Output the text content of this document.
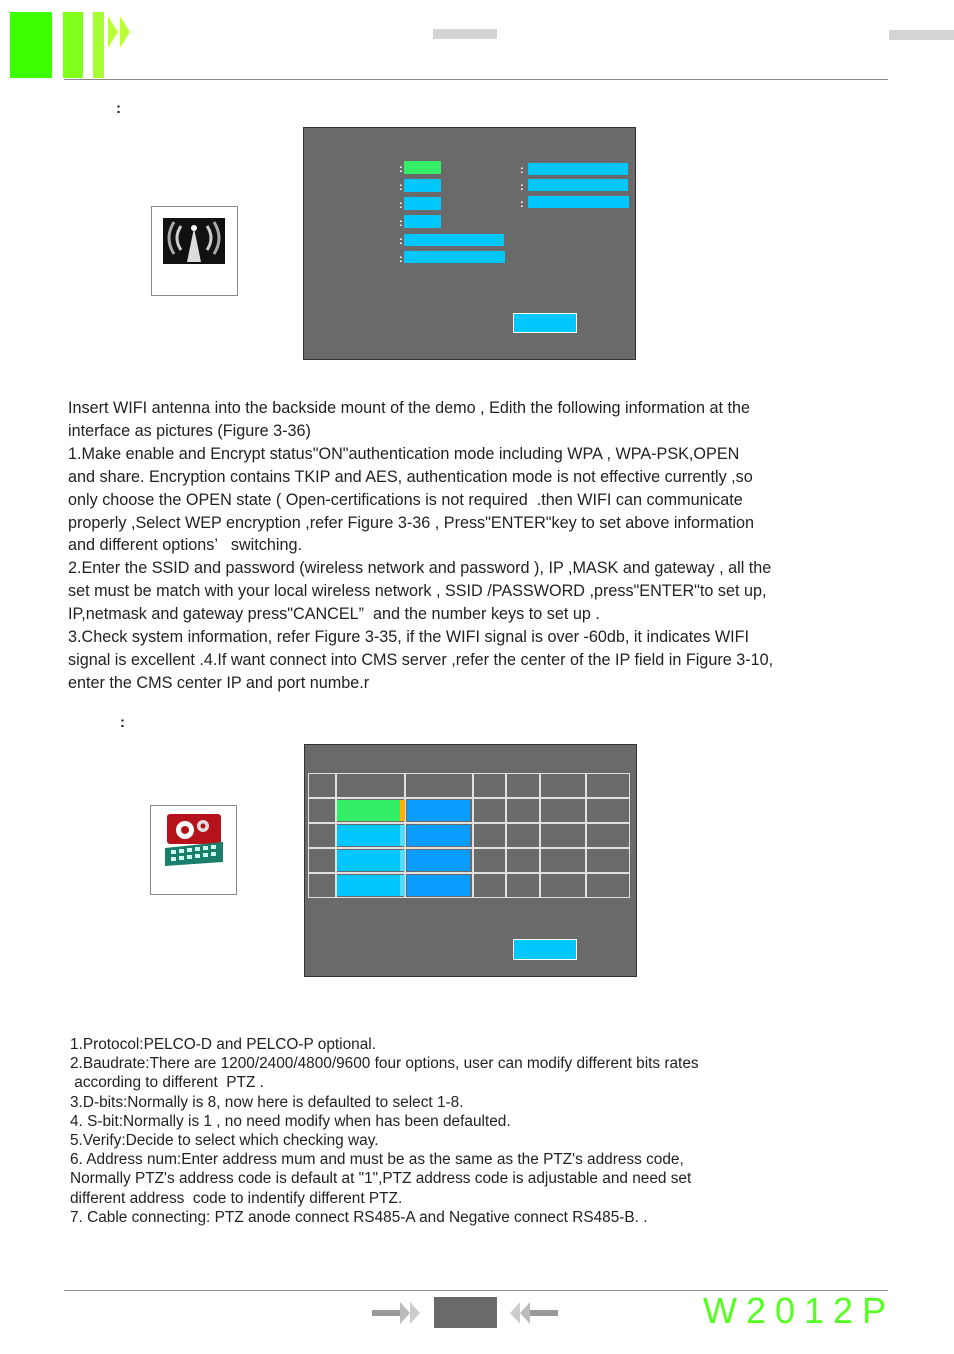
:
:
:
:
:
:
:
:
:
:
Insert WIFI antenna into the backside mount of the demo , Edith the following information at the
interface as pictures (Figure 3-36)
1.Make enable and Encrypt status"ON"authentication mode including WPA , WPA-PSK,OPEN
and share. Encryption contains TKIP and AES, authentication mode is not effective currently ,so
only choose the OPEN state ( Open-certifications is not required  .then WIFI can communicate
properly ,Select WEP encryption ,refer Figure 3-36 , Press"ENTER"key to set above information
and different options’   switching.
2.Enter the SSID and password (wireless network and password ), IP ,MASK and gateway , all the
set must be match with your local wireless network , SSID /PASSWORD ,press"ENTER"to set up,
IP,netmask and gateway press"CANCEL”  and the number keys to set up .
3.Check system information, refer Figure 3-35, if the WIFI signal is over -60db, it indicates WIFI
signal is excellent .4.If want connect into CMS server ,refer the center of the IP field in Figure 3-10,
enter the CMS center IP and port numbe.r
:
1.Protocol:PELCO-D and PELCO-P optional.
2.Baudrate:There are 1200/2400/4800/9600 four options, user can modify different bits rates
according to different  PTZ .
3.D-bits:Normally is 8, now here is defaulted to select 1-8.
4. S-bit:Normally is 1 , no need modify when has been defaulted.
5.Verify:Decide to select which checking way.
6. Address num:Enter address mum and must be as the same as the PTZ's address code,
Normally PTZ's address code is default at "1",PTZ address code is adjustable and need set
different address  code to indentify different PTZ.
7. Cable connecting: PTZ anode connect RS485-A and Negative connect RS485-B. .
W2012P
